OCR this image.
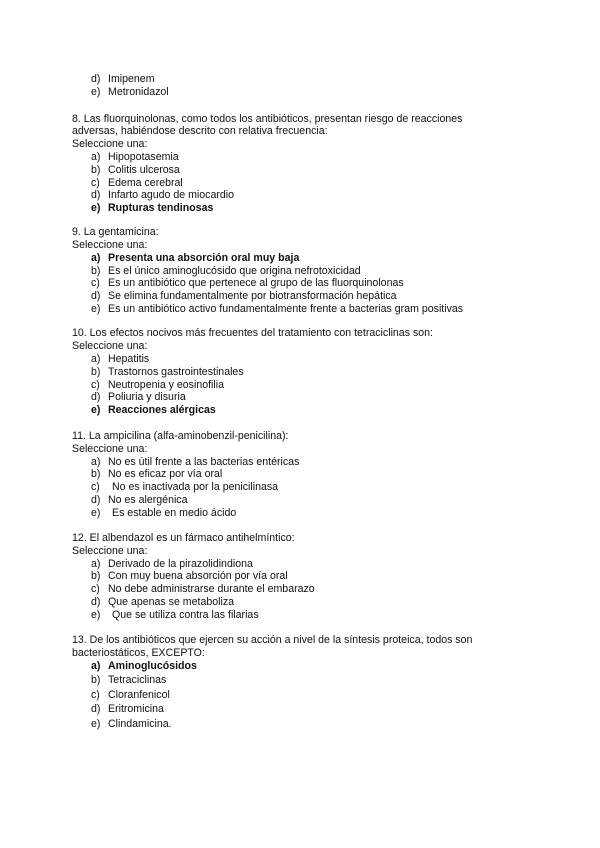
d) Imipenem
e) Metronidazol
8. Las fluorquinolonas, como todos los antibióticos, presentan riesgo de reacciones
adversas, habiéndose descrito con relativa frecuencia:
Seleccione una:
a) Hipopotasemia
b) Colitis ulcerosa
c) Edema cerebral
d) Infarto agudo de miocardio
e) Rupturas tendinosas
9. La gentamicina:
Seleccione una:
a) Presenta una absorción oral muy baja
b) Es el único aminoglucósido que origina nefrotoxicidad
c) Es un antibiótico que pertenece al grupo de las fluorquinolonas
d) Se elimina fundamentalmente por biotransformación hepática
e) Es un antibiótico activo fundamentalmente frente a bacterias gram positivas
10. Los efectos nocivos más frecuentes del tratamiento con tetraciclinas son:
Seleccione una:
a) Hepatitis
b) Trastornos gastrointestinales
c) Neutropenia y eosinofilia
d) Poliuria y disuria
e) Reacciones alérgicas
11. La ampicilina (alfa-aminobenzil-penicilina):
Seleccione una:
a) No es útil frente a las bacterias entéricas
b) No es eficaz por vía oral
c) No es inactivada por la penicilinasa
d) No es alergénica
e) Es estable en medio ácido
12. El albendazol es un fármaco antihelmíntico:
Seleccione una:
a) Derivado de la pirazolidindiona
b) Con muy buena absorción por vía oral
c) No debe administrarse durante el embarazo
d) Que apenas se metaboliza
e) Que se utiliza contra las filarias
13. De los antibióticos que ejercen su acción a nivel de la síntesis proteica, todos son
bacteriostáticos, EXCEPTO:
a) Aminoglucósidos
b) Tetraciclinas
c) Cloranfenicol
d) Eritromicina
e) Clindamicina.
